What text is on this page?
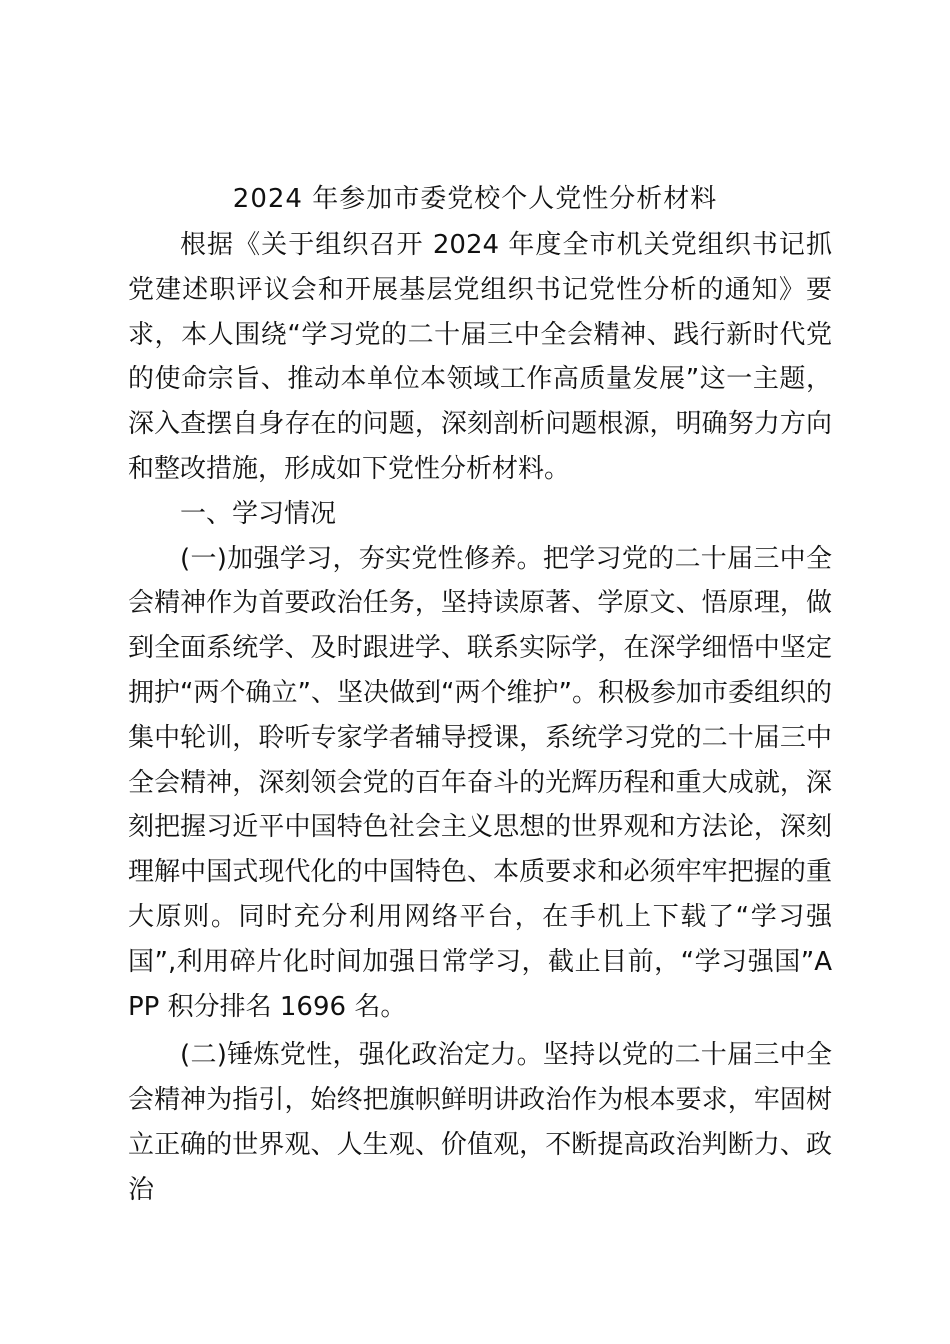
2024 年参加市委党校个人党性分析材料

根据《关于组织召开 2024 年度全市机关党组织书记抓党建述职评议会和开展基层党组织书记党性分析的通知》要求，本人围绕“学习党的二十届三中全会精神、践行新时代党的使命宗旨、推动本单位本领域工作高质量发展”这一主题，深入查摆自身存在的问题，深刻剖析问题根源，明确努力方向和整改措施，形成如下党性分析材料。

一、学习情况

(一)加强学习，夯实党性修养。把学习党的二十届三中全会精神作为首要政治任务，坚持读原著、学原文、悟原理，做到全面系统学、及时跟进学、联系实际学，在深学细悟中坚定拥护“两个确立”、坚决做到“两个维护”。积极参加市委组织的集中轮训，聆听专家学者辅导授课，系统学习党的二十届三中全会精神，深刻领会党的百年奋斗的光辉历程和重大成就，深刻把握习近平中国特色社会主义思想的世界观和方法论，深刻理解中国式现代化的中国特色、本质要求和必须牢牢把握的重大原则。同时充分利用网络平台，在手机上下载了“学习强国”,利用碎片化时间加强日常学习，截止目前，“学习强国”APP 积分排名 1696 名。

(二)锤炼党性，强化政治定力。坚持以党的二十届三中全会精神为指引，始终把旗帜鲜明讲政治作为根本要求，牢固树立正确的世界观、人生观、价值观，不断提高政治判断力、政治
